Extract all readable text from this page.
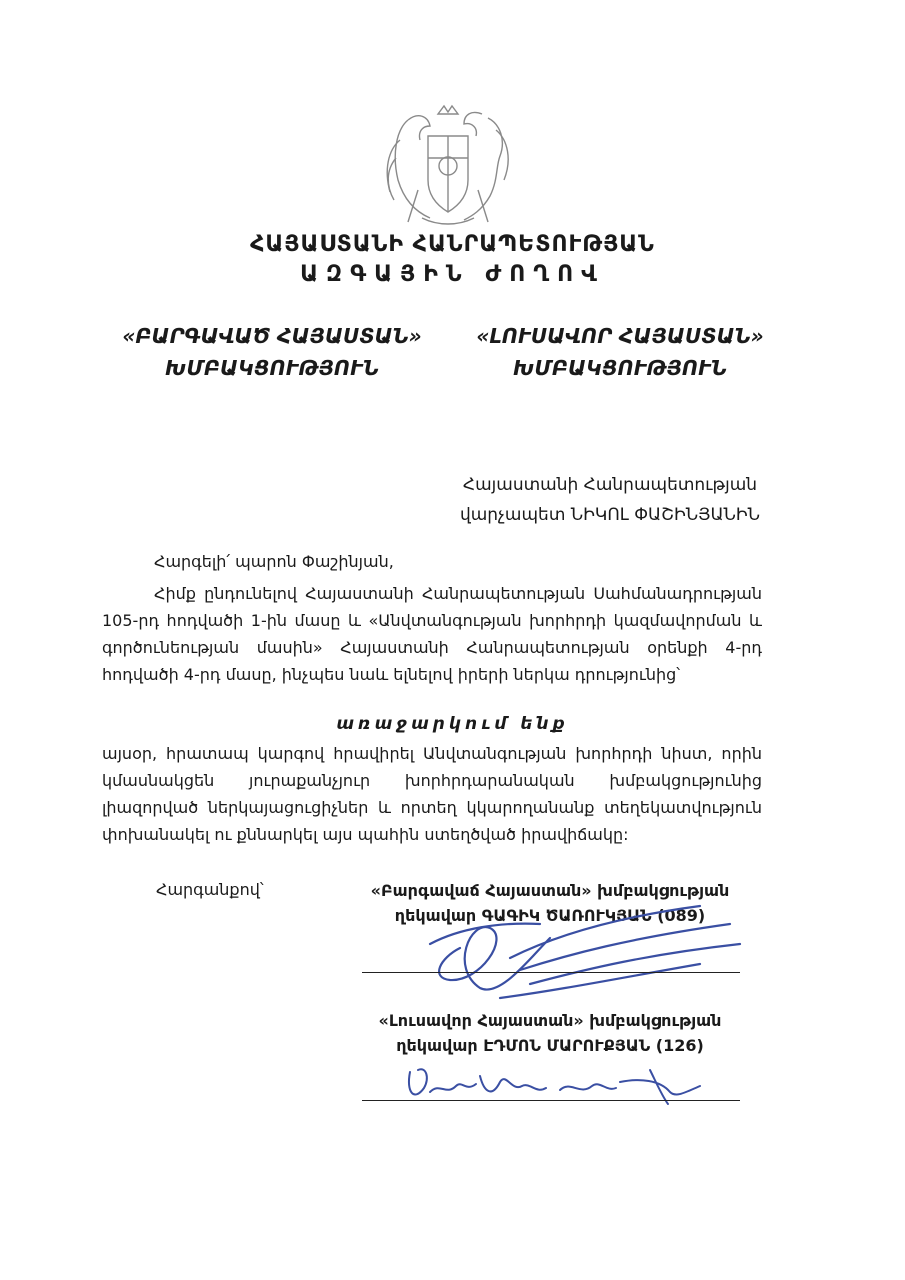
ՀԱՅԱՍՏԱՆԻ ՀԱՆՐԱՊԵՏՈՒԹՅԱՆ
ԱԶԳԱՅԻՆ ԺՈՂՈՎ
«ԲԱՐԳԱՎԱԾ ՀԱՅԱՍՏԱՆ»
ԽՄԲԱԿՑՈՒԹՅՈՒՆ
«ԼՈՒՍԱՎՈՐ ՀԱՅԱՍՏԱՆ»
ԽՄԲԱԿՑՈՒԹՅՈՒՆ
Հայաստանի Հանրապետության
վարչապետ ՆԻԿՈԼ ՓԱՇԻՆՅԱՆԻՆ
Հարգելի՛ պարոն Փաշինյան,
Հիմք ընդունելով Հայաստանի Հանրապետության Սահմանադրության 105-րդ հոդվածի 1-ին մասը և «Անվտանգության խորհրդի կազմավորման և գործունեության մասին» Հայաստանի Հանրապետության օրենքի 4-րդ հոդվածի 4-րդ մասը, ինչպես նաև ելնելով իրերի ներկա դրությունից՝
առաջարկում ենք
այսօր, հրատապ կարգով հրավիրել Անվտանգության խորհրդի նիստ, որին կմասնակցեն յուրաքանչյուր խորհրդարանական խմբակցությունից լիազորված ներկայացուցիչներ և որտեղ կկարողանանք տեղեկատվություն փոխանակել ու քննարկել այս պահին ստեղծված իրավիճակը:
Հարգանքով՝	«Բարգավաճ Հայաստան» խմբակցության
ղեկավար ԳԱԳԻԿ ԾԱՌՈՒԿՅԱՆ (089)
«Լուսավոր Հայաստան» խմբակցության
ղեկավար ԷԴՄՈՆ ՄԱՐՈՒՔՅԱՆ (126)
